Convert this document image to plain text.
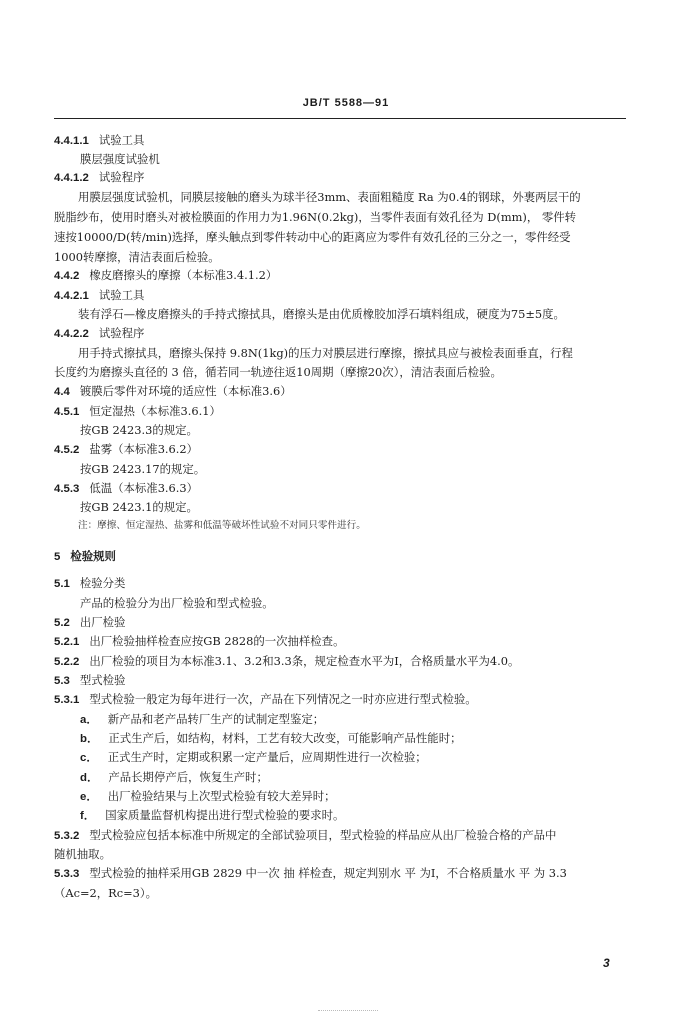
JB/T 5588—91
4.4.1.1 试验工具
膜层强度试验机
4.4.1.2 试验程序
用膜层强度试验机，同膜层接触的磨头为球半径3mm、表面粗糙度 Ra 为0.4的钢球，外裹两层干的
脱脂纱布，使用时磨头对被检膜面的作用力为1.96N(0.2kg)，当零件表面有效孔径为 D(mm)， 零件转
速按10000/D(转/min)选择，摩头触点到零件转动中心的距离应为零件有效孔径的三分之一，零件经受
1000转摩擦，清洁表面后检验。
4.4.2 橡皮磨擦头的摩擦（本标准3.4.1.2）
4.4.2.1 试验工具
装有浮石—橡皮磨擦头的手持式擦拭具，磨擦头是由优质橡胶加浮石填料组成，硬度为75±5度。
4.4.2.2 试验程序
用手持式擦拭具，磨擦头保持 9.8N(1kg)的压力对膜层进行摩擦，擦拭具应与被检表面垂直，行程
长度约为磨擦头直径的 3 倍，循若同一轨迹往返10周期（摩擦20次），清洁表面后检验。
4.4 镀膜后零件对环境的适应性（本标准3.6）
4.5.1 恒定湿热（本标准3.6.1）
按GB 2423.3的规定。
4.5.2 盐雾（本标准3.6.2）
按GB 2423.17的规定。
4.5.3 低温（本标准3.6.3）
按GB 2423.1的规定。
注：摩擦、恒定湿热、盐雾和低温等破坏性试验不对同只零件进行。
5 检验规则
5.1 检验分类
产品的检验分为出厂检验和型式检验。
5.2 出厂检验
5.2.1 出厂检验抽样检查应按GB 2828的一次抽样检查。
5.2.2 出厂检验的项目为本标准3.1、3.2和3.3条，规定检查水平为Ⅰ，合格质量水平为4.0。
5.3 型式检验
5.3.1 型式检验一般定为每年进行一次，产品在下列情况之一时亦应进行型式检验。
a． 新产品和老产品转厂生产的试制定型鉴定；
b． 正式生产后，如结构，材料，工艺有较大改变，可能影响产品性能时；
c． 正式生产时，定期或积累一定产量后，应周期性进行一次检验；
d． 产品长期停产后，恢复生产时；
e． 出厂检验结果与上次型式检验有较大差异时；
f． 国家质量监督机构提出进行型式检验的要求时。
5.3.2 型式检验应包括本标准中所规定的全部试验项目，型式检验的样品应从出厂检验合格的产品中
随机抽取。
5.3.3 型式检验的抽样采用GB 2829 中一次 抽 样检查，规定判别水 平 为Ⅰ，不合格质量水 平 为 3.3
（Ac=2，Rc=3）。
3
